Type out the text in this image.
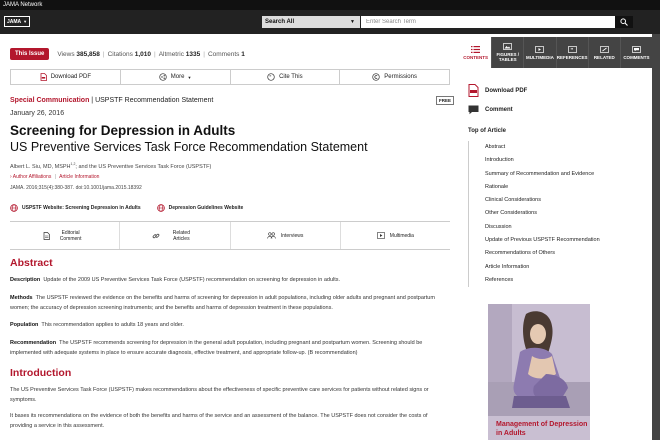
JAMA Network
JAMA ▼	Search All	▼
Enter Search Term
This Issue	Views 385,858 | Citations 1,010 | Altmetric 1335 | Comments 1
Download PDF	More ▼	" Cite This	Permissions
Special Communication | USPSTF Recommendation Statement	FREE
January 26, 2016
Screening for Depression in Adults
US Preventive Services Task Force Recommendation Statement
Albert L. Siu, MD, MSPH$^{1,2}$; and the US Preventive Services Task Force (USPSTF)
› Author Affiliations | Article Information
JAMA. 2016;315(4):380-387. doi:10.1001/jama.2015.18392
USPSTF Website: Screening Depression in Adults	Depression Guidelines Website
Editorial Comment
Related Articles	Interviews	Multimedia
Abstract

Description Update of the 2009 US Preventive Services Task Force (USPSTF) recommendation on screening for depression in adults.

Methods The USPSTF reviewed the evidence on the benefits and harms of screening for depression in adult populations, including older adults and pregnant and postpartum women; the accuracy of depression screening instruments; and the benefits and harms of depression treatment in these populations.

Population This recommendation applies to adults 18 years and older.

Recommendation The USPSTF recommends screening for depression in the general adult population, including pregnant and postpartum women. Screening should be implemented with adequate systems in place to ensure accurate diagnosis, effective treatment, and appropriate follow-up. (B recommendation)

Introduction

The US Preventive Services Task Force (USPSTF) makes recommendations about the effectiveness of specific preventive care services for patients without related signs or symptoms.

It bases its recommendations on the evidence of both the benefits and harms of the service and an assessment of the balance. The USPSTF does not consider the costs of providing a service in this assessment.

CONTENTS	FIGURES / TABLES	MULTIMEDIA
"
REFERENCES RELATED COMMENTS
Download PDF
Comment
Top of Article
Abstract
Introduction
Summary of Recommendation and Evidence
Rationale
Clinical Considerations
Other Considerations
Discussion
Update of Previous USPSTF Recommendation
Recommendations of Others
Article Information
References
Management of Depression in Adults
